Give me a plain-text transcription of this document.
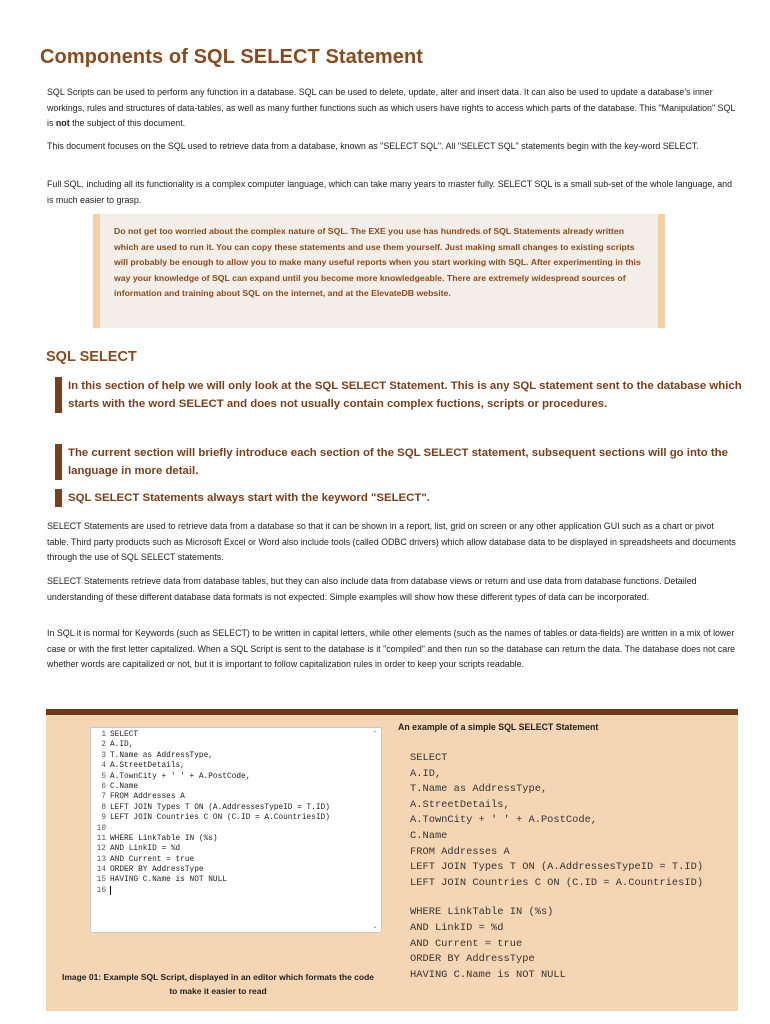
Components of SQL SELECT Statement

SQL Scripts can be used to perform any function in a database. SQL can be used to delete, update, alter and insert data. It can also be used to update a database’s inner workings, rules and structures of data-tables, as well as many further functions such as which users have rights to access which parts of the database. This "Manipulation" SQL is not the subject of this document.

This document focuses on the SQL used to retrieve data from a database, known as "SELECT SQL". All "SELECT SQL" statements begin with the key-word SELECT.

Full SQL, including all its functionality is a complex computer language, which can take many years to master fully. SELECT SQL is a small sub-set of the whole language, and is much easier to grasp.

Do not get too worried about the complex nature of SQL. The EXE you use has hundreds of SQL Statements already written which are used to run it. You can copy these statements and use them yourself. Just making small changes to existing scripts will probably be enough to allow you to make many useful reports when you start working with SQL. After experimenting in this way your knowledge of SQL can expand until you become more knowledgeable. There are extremely widespread sources of information and training about SQL on the internet, and at the ElevateDB website.
SQL SELECT
In this section of help we will only look at the SQL SELECT Statement. This is any SQL statement sent to the database which starts with the word SELECT and does not usually contain complex fuctions, scripts or procedures.
The current section will briefly introduce each section of the SQL SELECT statement, subsequent sections will go into the language in more detail.
SQL SELECT Statements always start with the keyword "SELECT".

SELECT Statements are used to retrieve data from a database so that it can be shown in a report, list, grid on screen or any other application GUI such as a chart or pivot table. Third party products such as Microsoft Excel or Word also include tools (called ODBC drivers) which allow database data to be displayed in spreadsheets and documents through the use of SQL SELECT statements.

SELECT Statements retrieve data from database tables, but they can also include data from database views or return and use data from database functions. Detailed understanding of these different database data formats is not expected. Simple examples will show how these different types of data can be incorporated.

In SQL it is normal for Keywords (such as SELECT) to be written in capital letters, while other elements (such as the names of tables or data-fields) are written in a mix of lower case or with the first letter capitalized. When a SQL Script is sent to the database is it "compiled" and then run so the database can return the data. The database does not care whether words are capitalized or not, but it is important to follow capitalization rules in order to keep your scripts readable.

1 SELECT
2 A.ID,
3 T.Name as AddressType,
4 A.StreetDetails,
5 A.TownCity + ' ' + A.PostCode,
6 C.Name
7 FROM Addresses A
8 LEFT JOIN Types T ON (A.AddressesTypeID = T.ID)
9 LEFT JOIN Countries C ON (C.ID = A.CountriesID)
10
11 WHERE LinkTable IN (%s)
12 AND LinkID = %d
13 AND Current = true
14 ORDER BY AddressType
15 HAVING C.Name is NOT NULL
16
⌃
⌄
Image 01: Example SQL Script, displayed in an editor which formats the code to make it easier to read
An example of a simple SQL SELECT Statement
SELECT
A.ID,
T.Name as AddressType,
A.StreetDetails,
A.TownCity + ' ' + A.PostCode,
C.Name
FROM Addresses A
LEFT JOIN Types T ON (A.AddressesTypeID = T.ID)
LEFT JOIN Countries C ON (C.ID = A.CountriesID)
WHERE LinkTable IN (%s)
AND LinkID = %d
AND Current = true
ORDER BY AddressType
HAVING C.Name is NOT NULL
